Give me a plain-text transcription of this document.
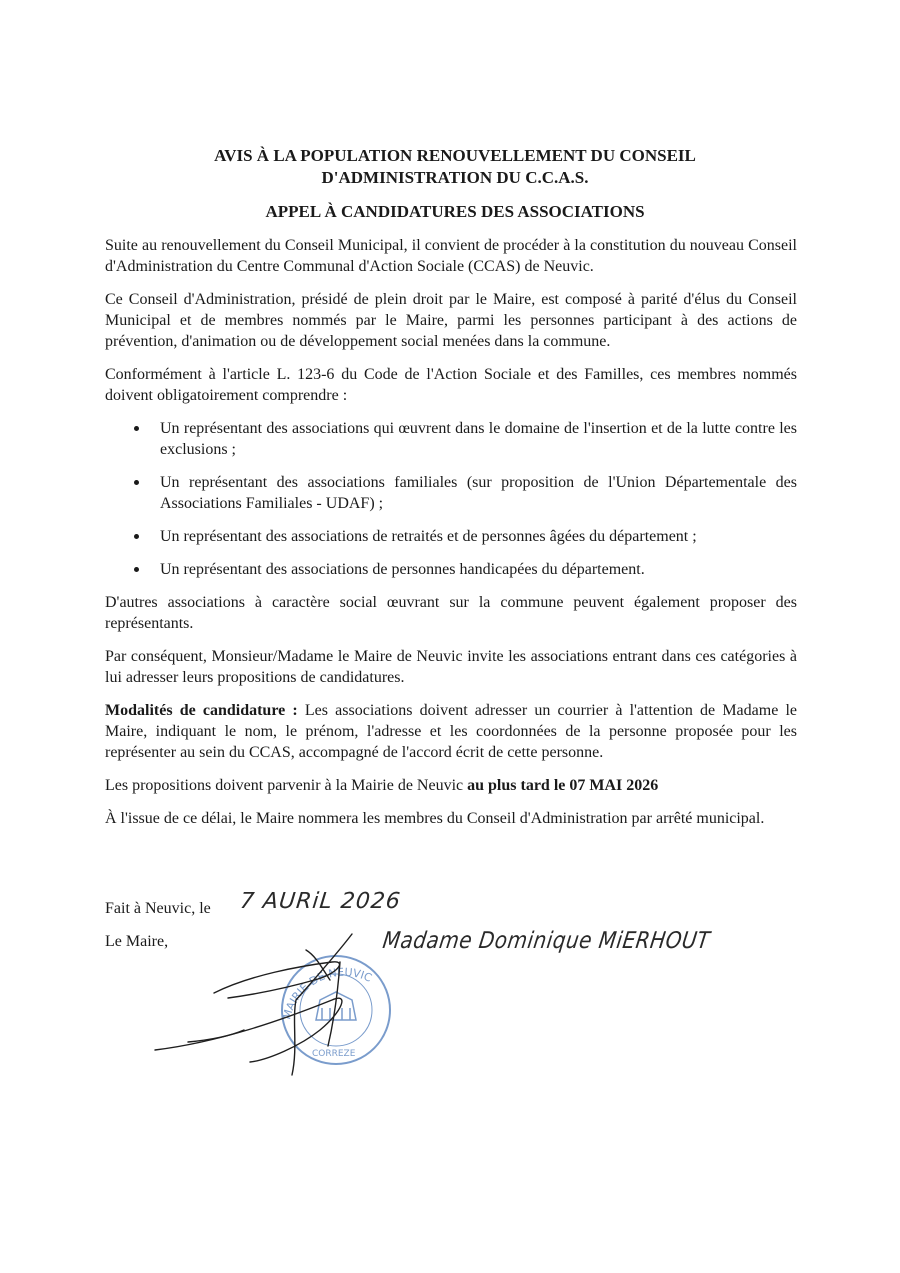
AVIS À LA POPULATION RENOUVELLEMENT DU CONSEIL

D'ADMINISTRATION DU C.C.A.S.

APPEL À CANDIDATURES DES ASSOCIATIONS

Suite au renouvellement du Conseil Municipal, il convient de procéder à la constitution du nouveau Conseil d'Administration du Centre Communal d'Action Sociale (CCAS) de Neuvic.

Ce Conseil d'Administration, présidé de plein droit par le Maire, est composé à parité d'élus du Conseil Municipal et de membres nommés par le Maire, parmi les personnes participant à des actions de prévention, d'animation ou de développement social menées dans la commune.

Conformément à l'article L. 123-6 du Code de l'Action Sociale et des Familles, ces membres nommés doivent obligatoirement comprendre :

Un représentant des associations qui œuvrent dans le domaine de l'insertion et de la lutte contre les exclusions ;
Un représentant des associations familiales (sur proposition de l'Union Départementale des Associations Familiales - UDAF) ;
Un représentant des associations de retraités et de personnes âgées du département ;
Un représentant des associations de personnes handicapées du département.

D'autres associations à caractère social œuvrant sur la commune peuvent également proposer des représentants.

Par conséquent, Monsieur/Madame le Maire de Neuvic invite les associations entrant dans ces catégories à lui adresser leurs propositions de candidatures.

Modalités de candidature : Les associations doivent adresser un courrier à l'attention de Madame le Maire, indiquant le nom, le prénom, l'adresse et les coordonnées de la personne proposée pour les représenter au sein du CCAS, accompagné de l'accord écrit de cette personne.

Les propositions doivent parvenir à la Mairie de Neuvic au plus tard le 07 MAI 2026

À l'issue de ce délai, le Maire nommera les membres du Conseil d'Administration par arrêté municipal.

Fait à Neuvic, le 7 AURiL 2026
Le Maire,	Madame Dominique MiERHOUT
MAIRIE DE NEUVIC
CORREZE
